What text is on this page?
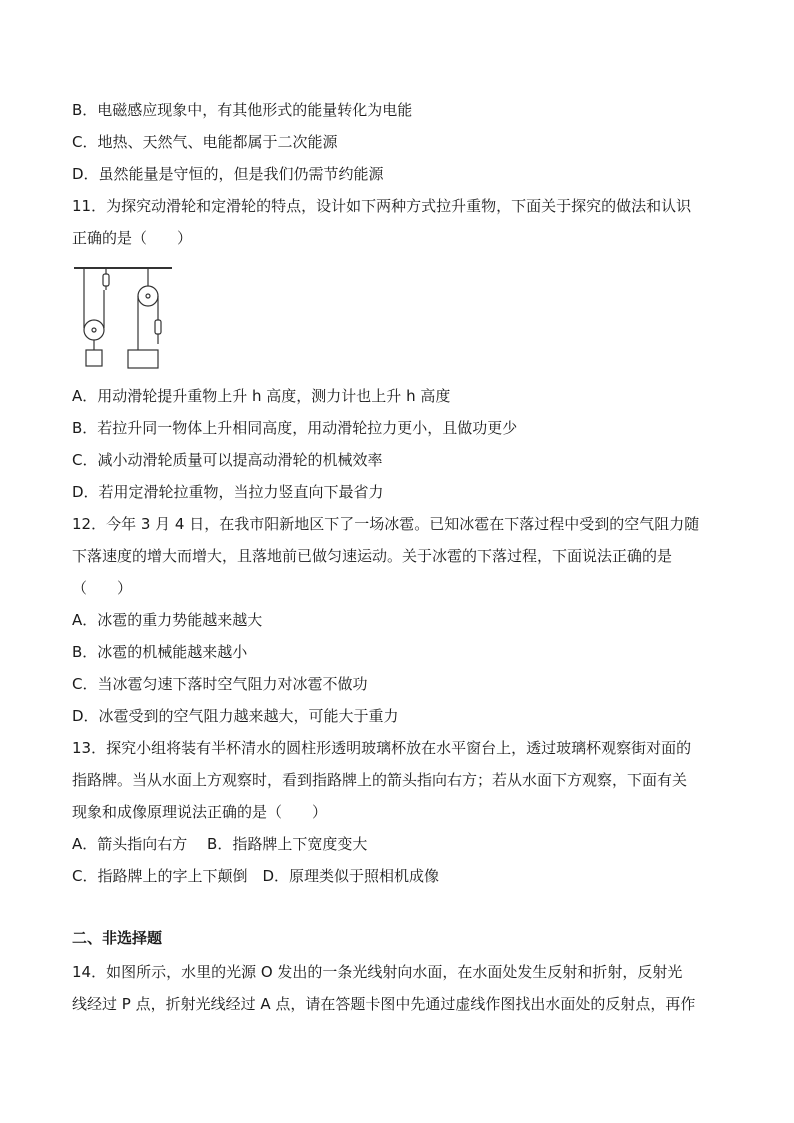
B．电磁感应现象中，有其他形式的能量转化为电能
C．地热、天然气、电能都属于二次能源
D．虽然能量是守恒的，但是我们仍需节约能源
11．为探究动滑轮和定滑轮的特点，设计如下两种方式拉升重物，下面关于探究的做法和认识
正确的是（　　）
A．用动滑轮提升重物上升 h 高度，测力计也上升 h 高度
B．若拉升同一物体上升相同高度，用动滑轮拉力更小，且做功更少
C．减小动滑轮质量可以提高动滑轮的机械效率
D．若用定滑轮拉重物，当拉力竖直向下最省力
12．今年 3 月 4 日，在我市阳新地区下了一场冰雹。已知冰雹在下落过程中受到的空气阻力随
下落速度的增大而增大，且落地前已做匀速运动。关于冰雹的下落过程，下面说法正确的是
（　　）
A．冰雹的重力势能越来越大
B．冰雹的机械能越来越小
C．当冰雹匀速下落时空气阻力对冰雹不做功
D．冰雹受到的空气阻力越来越大，可能大于重力
13．探究小组将装有半杯清水的圆柱形透明玻璃杯放在水平窗台上，透过玻璃杯观察街对面的
指路牌。当从水面上方观察时，看到指路牌上的箭头指向右方；若从水面下方观察，下面有关
现象和成像原理说法正确的是（　　）
A．箭头指向右方　 B．指路牌上下宽度变大
C．指路牌上的字上下颠倒　D．原理类似于照相机成像
二、非选择题
14．如图所示，水里的光源 O 发出的一条光线射向水面，在水面处发生反射和折射，反射光
线经过 P 点，折射光线经过 A 点，请在答题卡图中先通过虚线作图找出水面处的反射点，再作
